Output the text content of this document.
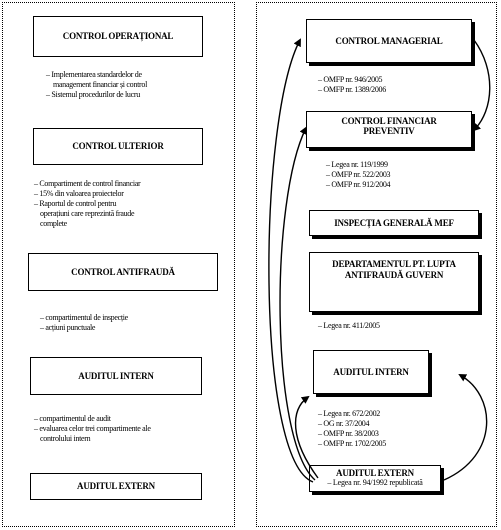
CONTROL OPERAȚIONAL
– Implementarea standardelor de
management financiar și control
– Sistemul procedurilor de lucru
CONTROL ULTERIOR
– Compartiment de control financiar
– 15% din valoarea proiectelor
– Raportul de control pentru
operațiuni care reprezintă fraude
complete
CONTROL ANTIFRAUDĂ
– compartimentul de inspecție
– acțiuni punctuale
AUDITUL INTERN
– compartimentul de audit
– evaluarea celor trei compartimente ale
controlului intern
AUDITUL EXTERN
CONTROL MANAGERIAL
– OMFP nr. 946/2005
– OMFP nr. 1389/2006
CONTROL FINANCIAR PREVENTIV
– Legea nr. 119/1999
– OMFP nr. 522/2003
– OMFP nr. 912/2004
INSPECȚIA GENERALĂ MEF
DEPARTAMENTUL PT. LUPTA ANTIFRAUDĂ GUVERN
– Legea nr. 411/2005
AUDITUL INTERN
– Legea nr. 672/2002
– OG nr. 37/2004
– OMFP nr. 38/2003
– OMFP nr. 1702/2005
AUDITUL EXTERN
– Legea nr. 94/1992 republicată
